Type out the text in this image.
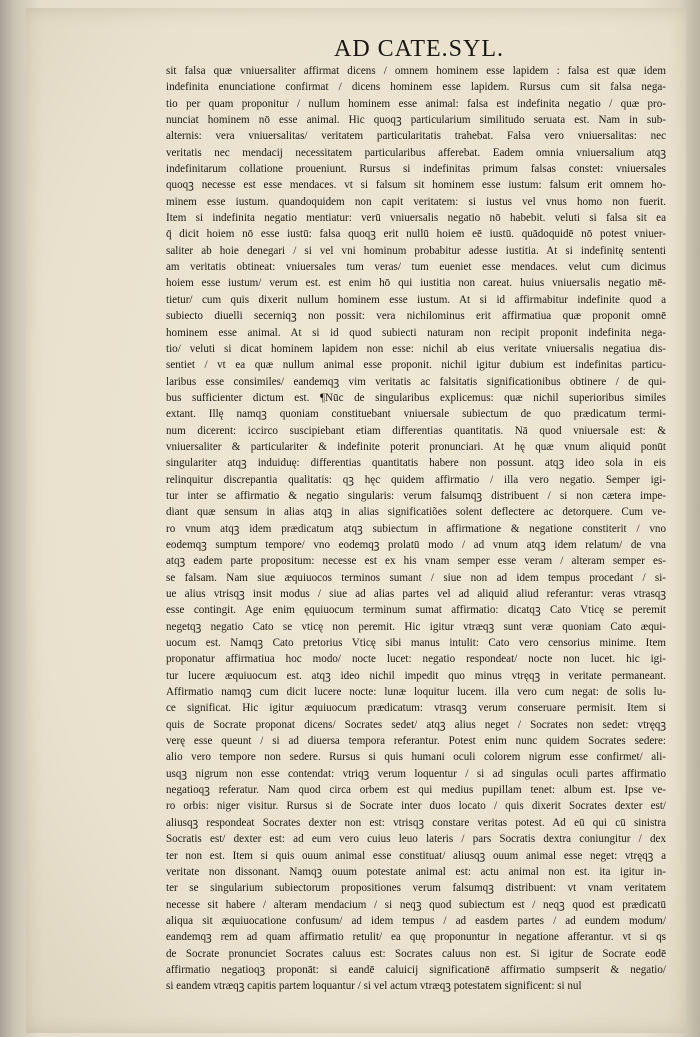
AD CATE.SYL.
sit falsa quæ vniuersaliter affirmat dicens / omnem hominem esse lapidem : falsa est quæ idem
indefinita enunciatione confirmat / dicens hominem esse lapidem. Rursus cum sit falsa nega-
tio per quam proponitur / nullum hominem esse animal: falsa est indefinita negatio / quæ pro-
nunciat hominem nō esse animal. Hic quoqꝫ particularium similitudo seruata est. Nam in sub-
alternis: vera vniuersalitas/ veritatem particularitatis trahebat. Falsa vero vniuersalitas: nec
veritatis nec mendacij necessitatem particularibus afferebat. Eadem omnia vniuersalium atqꝫ
indefinitarum collatione proueniunt. Rursus si indefinitas primum falsas constet: vniuersales
quoqꝫ necesse est esse mendaces. vt si falsum sit hominem esse iustum: falsum erit omnem ho-
minem esse iustum. quandoquidem non capit veritatem: si iustus vel vnus homo non fuerit.
Item si indefinita negatio mentiatur: verū vniuersalis negatio nō habebit. veluti si falsa sit ea
q̄ dicit hoiem nō esse iustū: falsa quoqꝫ erit nullū hoiem eē iustū. quādoquidē nō potest vniuer-
saliter ab hoie denegari / si vel vni hominum probabitur adesse iustitia. At si indefinitę sententi
am veritatis obtineat: vniuersales tum veras/ tum eueniet esse mendaces. velut cum dicimus
hoiem esse iustum/ verum est. est enim hō qui iustitia non careat. huius vniuersalis negatio mē-
tietur/ cum quis dixerit nullum hominem esse iustum. At si id affirmabitur indefinite quod a
subiecto diuelli secerniqꝫ non possit: vera nichilominus erit affirmatiua quæ proponit omnē
hominem esse animal. At si id quod subiecti naturam non recipit proponit indefinita nega-
tio/ veluti si dicat hominem lapidem non esse: nichil ab eius veritate vniuersalis negatiua dis-
sentiet / vt ea quæ nullum animal esse proponit. nichil igitur dubium est indefinitas particu-
laribus esse consimiles/ eandemqꝫ vim veritatis ac falsitatis significationibus obtinere / de qui-
bus sufficienter dictum est. ¶Nūc de singularibus explicemus: quæ nichil superioribus similes
extant. Illę namqꝫ quoniam constituebant vniuersale subiectum de quo prædicatum termi-
num dicerent: iccirco suscipiebant etiam differentias quantitatis. Nā quod vniuersale est: &
vniuersaliter & particulariter & indefinite poterit pronunciari. At hę quæ vnum aliquid ponūt
singulariter atqꝫ induiduę: differentias quantitatis habere non possunt. atqꝫ ideo sola in eis
relinquitur discrepantia qualitatis: qꝫ hęc quidem affirmatio / illa vero negatio. Semper igi-
tur inter se affirmatio & negatio singularis: verum falsumqꝫ distribuent / si non cætera impe-
diant quæ sensum in alias atqꝫ in alias significatiões solent deflectere ac detorquere. Cum ve-
ro vnum atqꝫ idem prædicatum atqꝫ subiectum in affirmatione & negatione constiterit / vno
eodemqꝫ sumptum tempore/ vno eodemqꝫ prolatū modo / ad vnum atqꝫ idem relatum/ de vna
atqꝫ eadem parte propositum: necesse est ex his vnam semper esse veram / alteram semper es-
se falsam. Nam siue æquiuocos terminos sumant / siue non ad idem tempus procedant / si-
ue alius vtrisqꝫ insit modus / siue ad alias partes vel ad aliquid aliud referantur: veras vtrasqꝫ
esse contingit. Age enim ęquiuocum terminum sumat affirmatio: dicatqꝫ Cato Vticę se peremit
negetqꝫ negatio Cato se vticę non peremit. Hic igitur vtræqꝫ sunt veræ quoniam Cato æqui-
uocum est. Namqꝫ Cato pretorius Vticę sibi manus intulit: Cato vero censorius minime. Item
proponatur affirmatiua hoc modo/ nocte lucet: negatio respondeat/ nocte non lucet. hic igi-
tur lucere æquiuocum est. atqꝫ ideo nichil impedit quo minus vtręqꝫ in veritate permaneant.
Affirmatio namqꝫ cum dicit lucere nocte: lunæ loquitur lucem. illa vero cum negat: de solis lu-
ce significat. Hic igitur æquiuocum prædicatum: vtrasqꝫ verum conseruare permisit. Item si
quis de Socrate proponat dicens/ Socrates sedet/ atqꝫ alius neget / Socrates non sedet: vtręqꝫ
verę esse queunt / si ad diuersa tempora referantur. Potest enim nunc quidem Socrates sedere:
alio vero tempore non sedere. Rursus si quis humani oculi colorem nigrum esse confirmet/ ali-
usqꝫ nigrum non esse contendat: vtriqꝫ verum loquentur / si ad singulas oculi partes affirmatio
negatioqꝫ referatur. Nam quod circa orbem est qui medius pupillam tenet: album est. Ipse ve-
ro orbis: niger visitur. Rursus si de Socrate inter duos locato / quis dixerit Socrates dexter est/
aliusqꝫ respondeat Socrates dexter non est: vtrisqꝫ constare veritas potest. Ad eū qui cū sinistra
Socratis est/ dexter est: ad eum vero cuius leuo lateris / pars Socratis dextra coniungitur / dex
ter non est. Item si quis ouum animal esse constituat/ aliusqꝫ ouum animal esse neget: vtręqꝫ a
veritate non dissonant. Namqꝫ ouum potestate animal est: actu animal non est. ita igitur in-
ter se singularium subiectorum propositiones verum falsumqꝫ distribuent: vt vnam veritatem
necesse sit habere / alteram mendacium / si neqꝫ quod subiectum est / neqꝫ quod est prædicatū
aliqua sit æquiuocatione confusum/ ad idem tempus / ad easdem partes / ad eundem modum/
eandemqꝫ rem ad quam affirmatio retulit/ ea quę proponuntur in negatione afferantur. vt si qs
de Socrate pronunciet Socrates caluus est: Socrates caluus non est. Si igitur de Socrate eodē
affirmatio negatioqꝫ proponāt: si eandē caluicij significationē affirmatio sumpserit & negatio/
si eandem vtræqꝫ capitis partem loquantur / si vel actum vtræqꝫ potestatem significent: si nul
